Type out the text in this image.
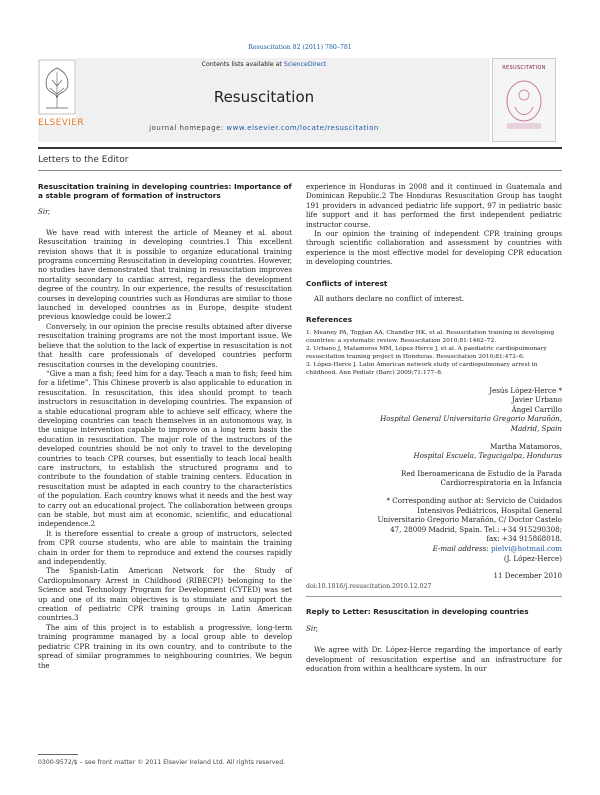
Resuscitation 82 (2011) 780–781
Contents lists available at ScienceDirect
Resuscitation
journal homepage: www.elsevier.com/locate/resuscitation
ELSEVIER
RESUSCITATION
Letters to the Editor
Resuscitation training in developing countries: Importance of a stable program of formation of instructors
Sir,

We have read with interest the article of Meaney et al. about Resuscitation training in developing countries.1 This excellent revision shows that it is possible to organize educational training programs concerning Resuscitation in developing countries. However, no studies have demonstrated that training in resuscitation improves mortality secondary to cardiac arrest, regardless the development degree of the country. In our experience, the results of resuscitation courses in developing countries such as Honduras are similar to those launched in developed countries as in Europe, despite student previous knowledge could be lower.2

Conversely, in our opinion the precise results obtained after diverse resuscitation training programs are not the most important issue. We believe that the solution to the lack of expertise in resuscitation is not that health care professionals of developed countries perform resuscitation courses in the developing countries.

“Give a man a fish; feed him for a day. Teach a man to fish; feed him for a lifetime”. This Chinese proverb is also applicable to education in resuscitation. In resuscitation, this idea should prompt to teach instructors in resuscitation in developing countries. The expansion of a stable educational program able to achieve self efficacy, where the developing countries can teach themselves in an autonomous way, is the unique intervention capable to improve on a long term basis the education in resuscitation. The major role of the instructors of the developed countries should be not only to travel to the developing countries to teach CPR courses, but essentially to teach local health care instructors, to establish the structured programs and to contribute to the foundation of stable training centers. Education in resuscitation must be adapted in each country to the characteristics of the population. Each country knows what it needs and the best way to carry out an educational project. The collaboration between groups can be stable, but must aim at economic, scientific, and educational independence.2

It is therefore essential to create a group of instructors, selected from CPR course students, who are able to maintain the training chain in order for them to reproduce and extend the courses rapidly and independently.

The Spanish-Latin American Network for the Study of Cardiopulmonary Arrest in Childhood (RIBECPI) belonging to the Science and Technology Program for Development (CYTED) was set up and one of its main objectives is to stimulate and support the creation of pediatric CPR training groups in Latin American countries.3

The aim of this project is to establish a progressive, long-term training programme managed by a local group able to develop pediatric CPR training in its own country, and to contribute to the spread of similar programmes to neighbouring countries. We begun the

0300-9572/$ – see front matter © 2011 Elsevier Ireland Ltd. All rights reserved.

experience in Honduras in 2008 and it continued in Guatemala and Dominican Republic.2 The Honduras Resuscitation Group has taught 191 providers in advanced pediatric life support, 97 in pediatric basic life support and it has performed the first independent pediatric instructor course.

In our opinion the training of independent CPR training groups through scientific collaboration and assessment by countries with experience is the most effective model for developing CPR education in developing countries.

Conflicts of interest

All authors declare no conflict of interest.

References
1. Meaney PA, Topjian AA, Chandler HK, et al. Resuscitation training in developing countries: a systematic review. Resuscitation 2010;81:1462–72.
2. Urbano J, Matamoros MM, López-Herce J, et al. A paediatric cardiopulmonary resuscitation training project in Honduras. Resuscitation 2010;81:472–6.
3. López-Herce J. Latin American network study of cardiopulmonary arrest in childhood. Ann Pediatr (Barc) 2009;71:177–8.
Jesús López-Herce *
Javier Urbano
Ángel Carrillo
Hospital General Universitario Gregorio Marañón,
Madrid, Spain
Martha Matamoros,
Hospital Escuela, Tegucigalpa, Honduras
Red Iberoamericana de Estudio de la Parada
Cardiorrespiratoria en la Infancia
* Corresponding author at: Servicio de Cuidados
Intensivos Pediátricos, Hospital General
Universitario Gregorio Marañón, C/ Doctor Castelo
47, 28009 Madrid, Spain. Tel.: +34 915290308;
fax: +34 915868018.
E-mail address: pielvi@hotmail.com
(J. López-Herce)
11 December 2010
doi:10.1016/j.resuscitation.2010.12.027
Reply to Letter: Resuscitation in developing countries
Sir,

We agree with Dr. López-Herce regarding the importance of early development of resuscitation expertise and an infrastructure for education from within a healthcare system. In our
